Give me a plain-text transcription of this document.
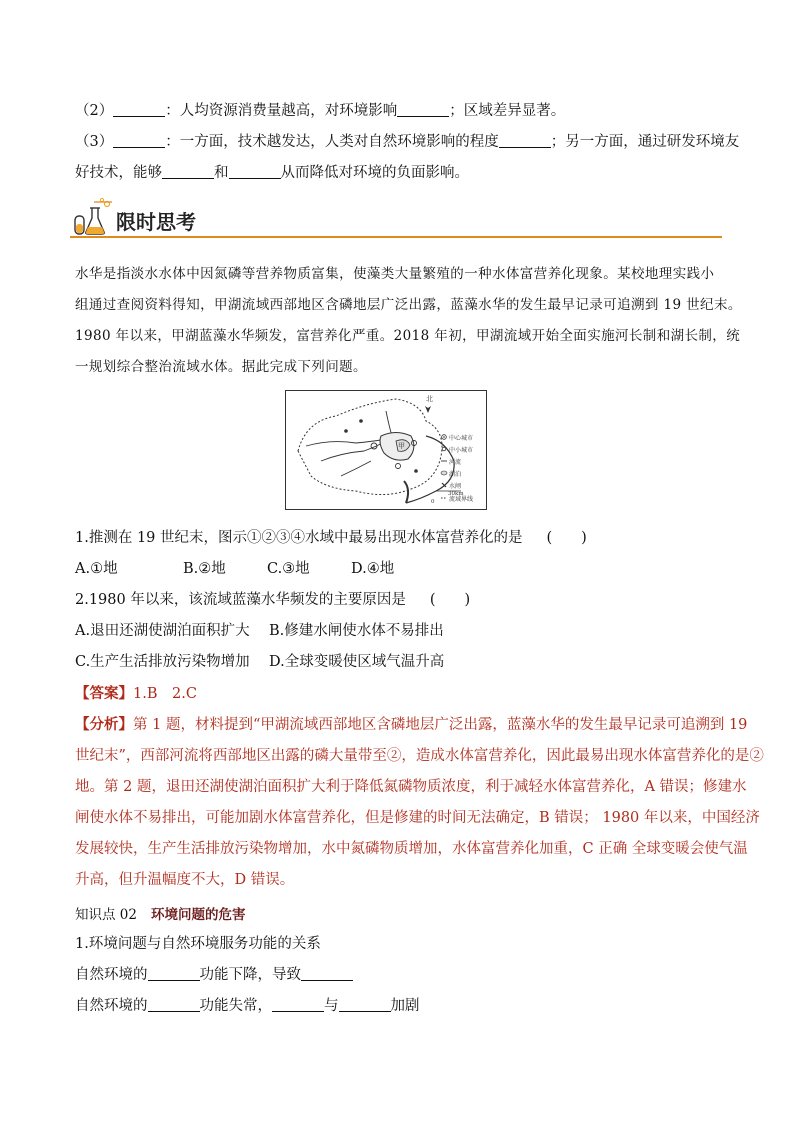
（2）	：人均资源消费量越高，对环境影响	；区域差异显著。
（3）	：一方面，技术越发达，人类对自然环境影响的程度	；另一方面，通过研发环境友
好技术，能够	和	从而降低对环境的负面影响。
限时思考
水华是指淡水水体中因氮磷等营养物质富集，使藻类大量繁殖的一种水体富营养化现象。某校地理实践小
组通过查阅资料得知，甲湖流域西部地区含磷地层广泛出露，蓝藻水华的发生最早记录可追溯到 19 世纪末。
1980 年以来，甲湖蓝藻水华频发，富营养化严重。2018 年初，甲湖流域开始全面实施河长制和湖长制，统
一规划综合整治流域水体。据此完成下列问题。
甲
北
中心城市
中小城市
河流
湖泊
水闸
流域界线
0
30km
1.推测在 19 世纪末，图示①②③④水域中最易出现水体富营养化的是 (　　)
A.①地	B.②地	C.③地	D.④地
2.1980 年以来，该流域蓝藻水华频发的主要原因是 (　　)
A.退田还湖使湖泊面积扩大 B.修建水闸使水体不易排出
C.生产生活排放污染物增加 D.全球变暖使区域气温升高
【答案】1.B　2.C
【分析】第 1 题，材料提到“甲湖流域西部地区含磷地层广泛出露，蓝藻水华的发生最早记录可追溯到 19
世纪末”，西部河流将西部地区出露的磷大量带至②，造成水体富营养化，因此最易出现水体富营养化的是②
地。第 2 题，退田还湖使湖泊面积扩大利于降低氮磷物质浓度，利于减轻水体富营养化，A 错误；修建水
闸使水体不易排出，可能加剧水体富营养化，但是修建的时间无法确定，B 错误； 1980 年以来，中国经济
发展较快，生产生活排放污染物增加，水中氮磷物质增加，水体富营养化加重，C 正确 全球变暖会使气温
升高，但升温幅度不大，D 错误。
知识点 02 环境问题的危害
1.环境问题与自然环境服务功能的关系
自然环境的	功能下降，导致
自然环境的	功能失常，	与	加剧
